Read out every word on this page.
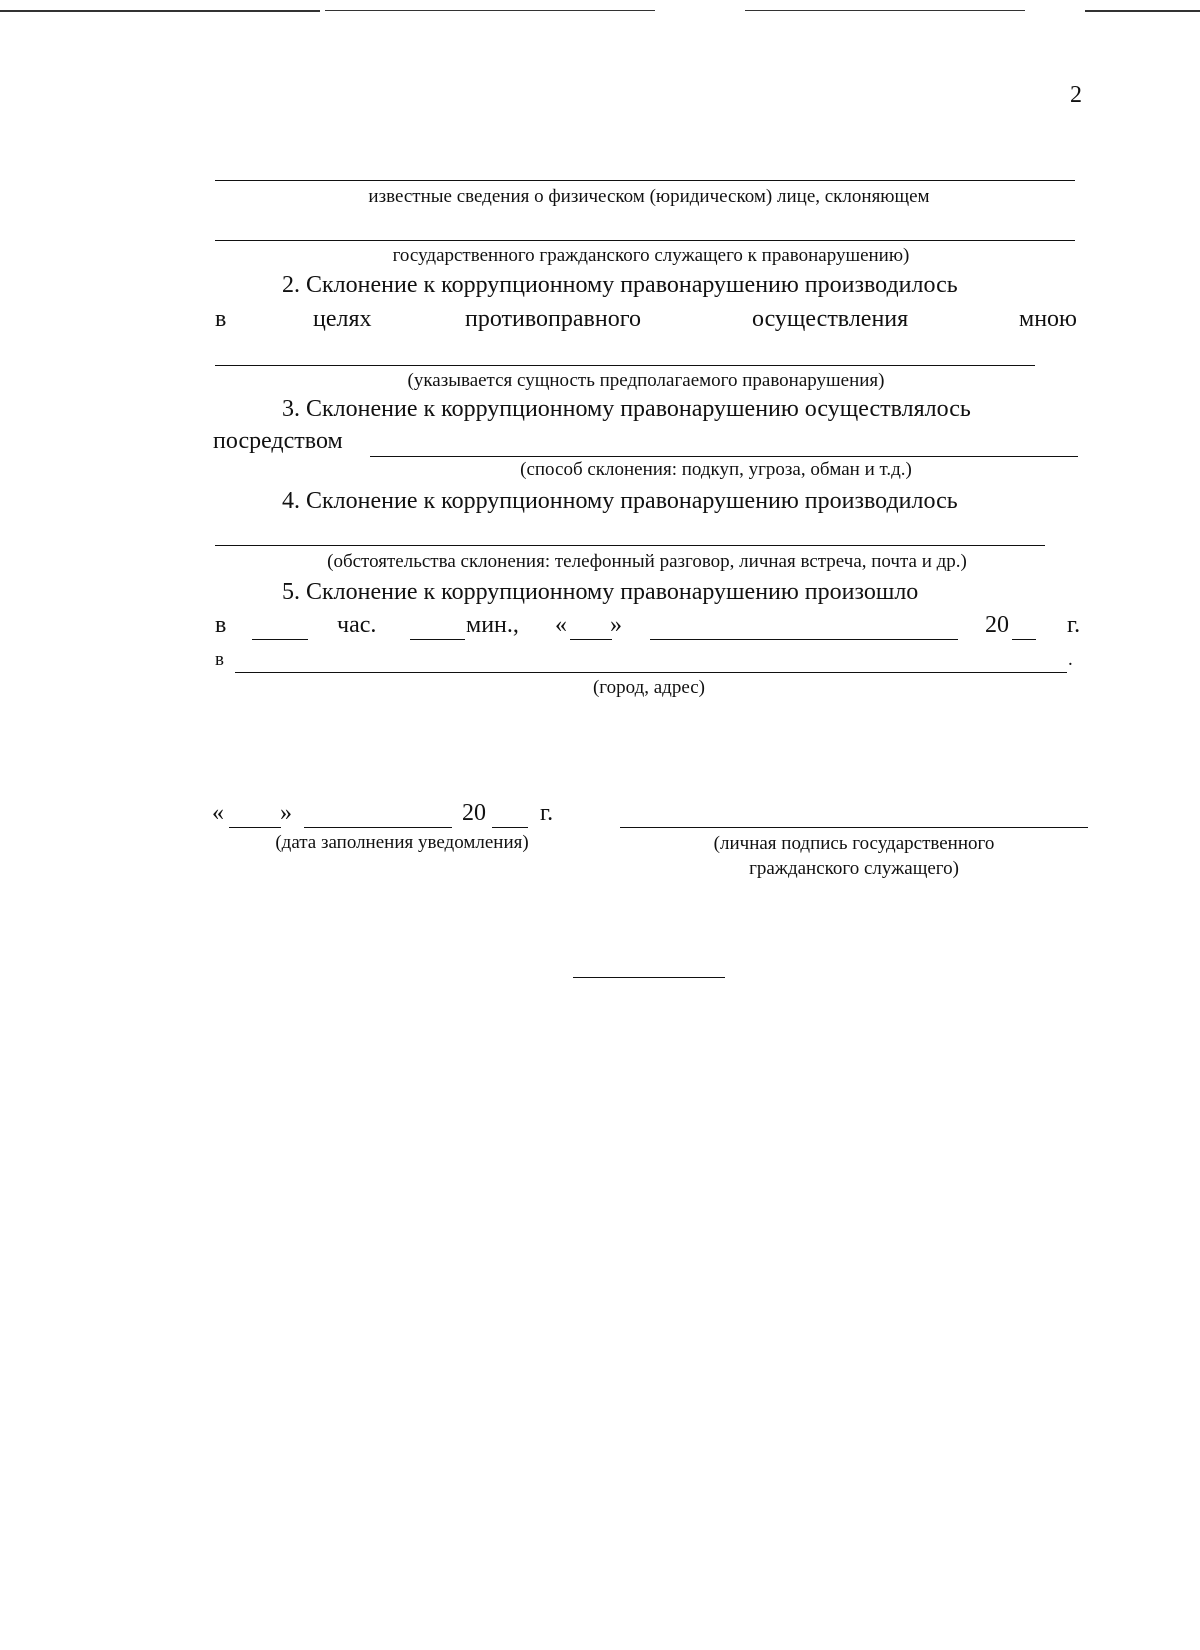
2
известные сведения о физическом (юридическом) лице, склоняющем
государственного гражданского служащего к правонарушению)
2. Склонение к коррупционному правонарушению производилось
в	целях	противоправного	осуществления	мною
(указывается сущность предполагаемого правонарушения)
3. Склонение к коррупционному правонарушению осуществлялось
посредством
(способ склонения: подкуп, угроза, обман и т.д.)
4. Склонение к коррупционному правонарушению производилось
(обстоятельства склонения: телефонный разговор, личная встреча, почта и др.)
5. Склонение к коррупционному правонарушению произошло
в	час.	мин., « »	20 г.
в	.
(город, адрес)
« »	20 г.
(дата заполнения уведомления)	(личная подпись государственного
гражданского служащего)
